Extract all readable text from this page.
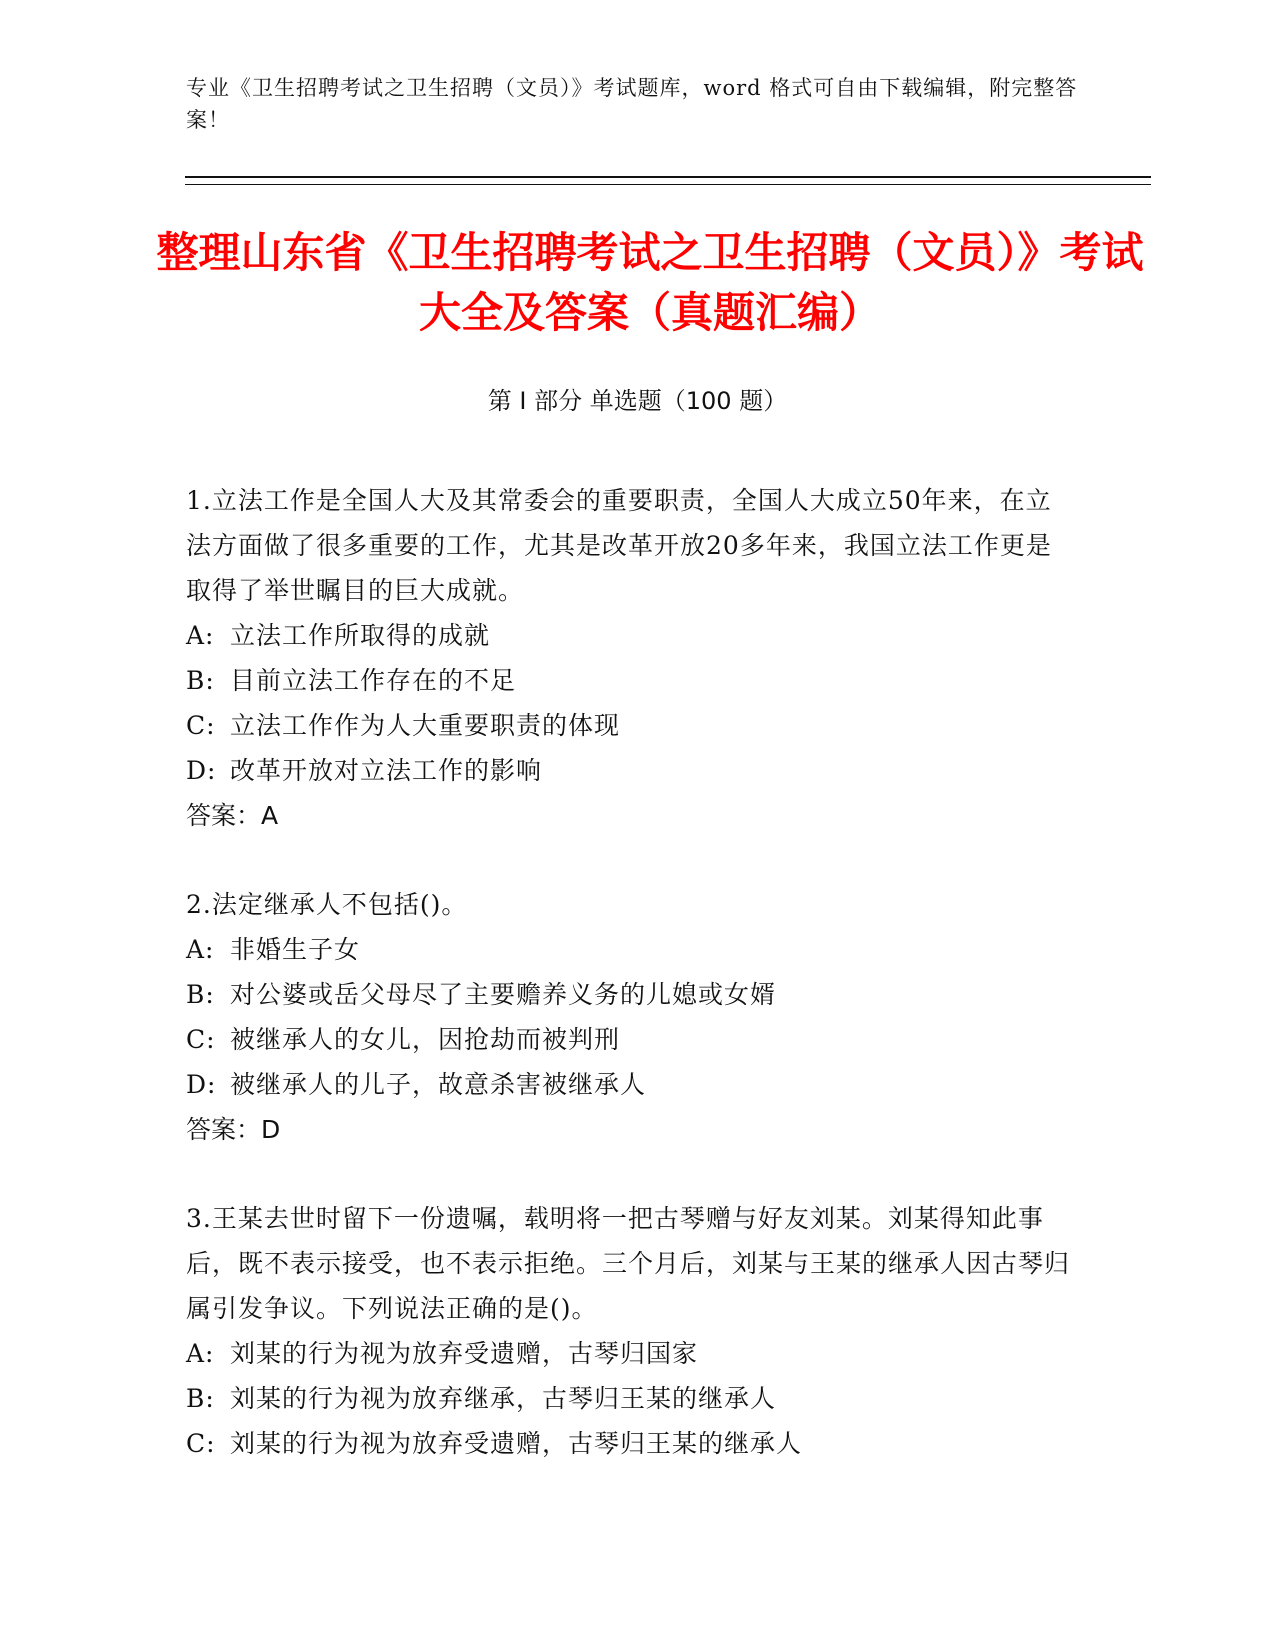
专业《卫生招聘考试之卫生招聘（文员）》考试题库，word 格式可自由下载编辑，附完整答案！
整理山东省《卫生招聘考试之卫生招聘（文员）》考试大全及答案（真题汇编）
第 I 部分 单选题（100 题）
1.立法工作是全国人大及其常委会的重要职责，全国人大成立50年来，在立法方面做了很多重要的工作，尤其是改革开放20多年来，我国立法工作更是取得了举世瞩目的巨大成就。
A: 立法工作所取得的成就
B: 目前立法工作存在的不足
C: 立法工作作为人大重要职责的体现
D: 改革开放对立法工作的影响
答案：A
2.法定继承人不包括()。
A: 非婚生子女
B: 对公婆或岳父母尽了主要赡养义务的儿媳或女婿
C: 被继承人的女儿，因抢劫而被判刑
D: 被继承人的儿子，故意杀害被继承人
答案：D
3.王某去世时留下一份遗嘱，载明将一把古琴赠与好友刘某。刘某得知此事后，既不表示接受，也不表示拒绝。三个月后，刘某与王某的继承人因古琴归属引发争议。下列说法正确的是()。
A: 刘某的行为视为放弃受遗赠，古琴归国家
B: 刘某的行为视为放弃继承，古琴归王某的继承人
C: 刘某的行为视为放弃受遗赠，古琴归王某的继承人
